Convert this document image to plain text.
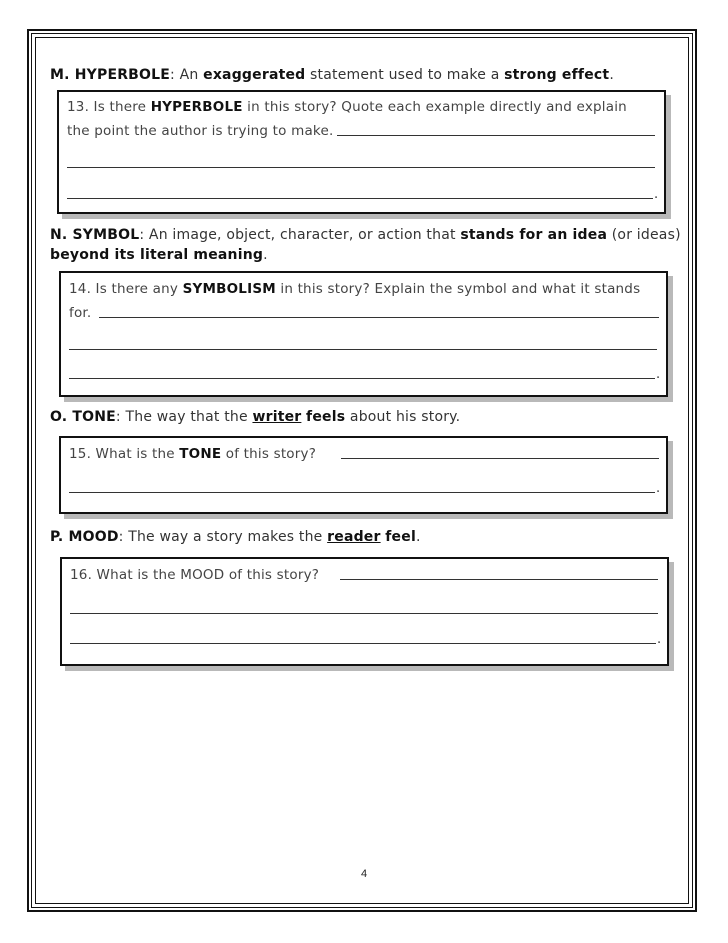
M. HYPERBOLE: An exaggerated statement used to make a strong effect.
13. Is there HYPERBOLE in this story? Quote each example directly and explain
the point the author is trying to make.
.
N. SYMBOL: An image, object, character, or action that stands for an idea (or ideas)
beyond its literal meaning.
14. Is there any SYMBOLISM in this story? Explain the symbol and what it stands
for.
.
O. TONE: The way that the writer feels about his story.
15. What is the TONE of this story?
.
P. MOOD: The way a story makes the reader feel.
16. What is the MOOD of this story?
.
4
